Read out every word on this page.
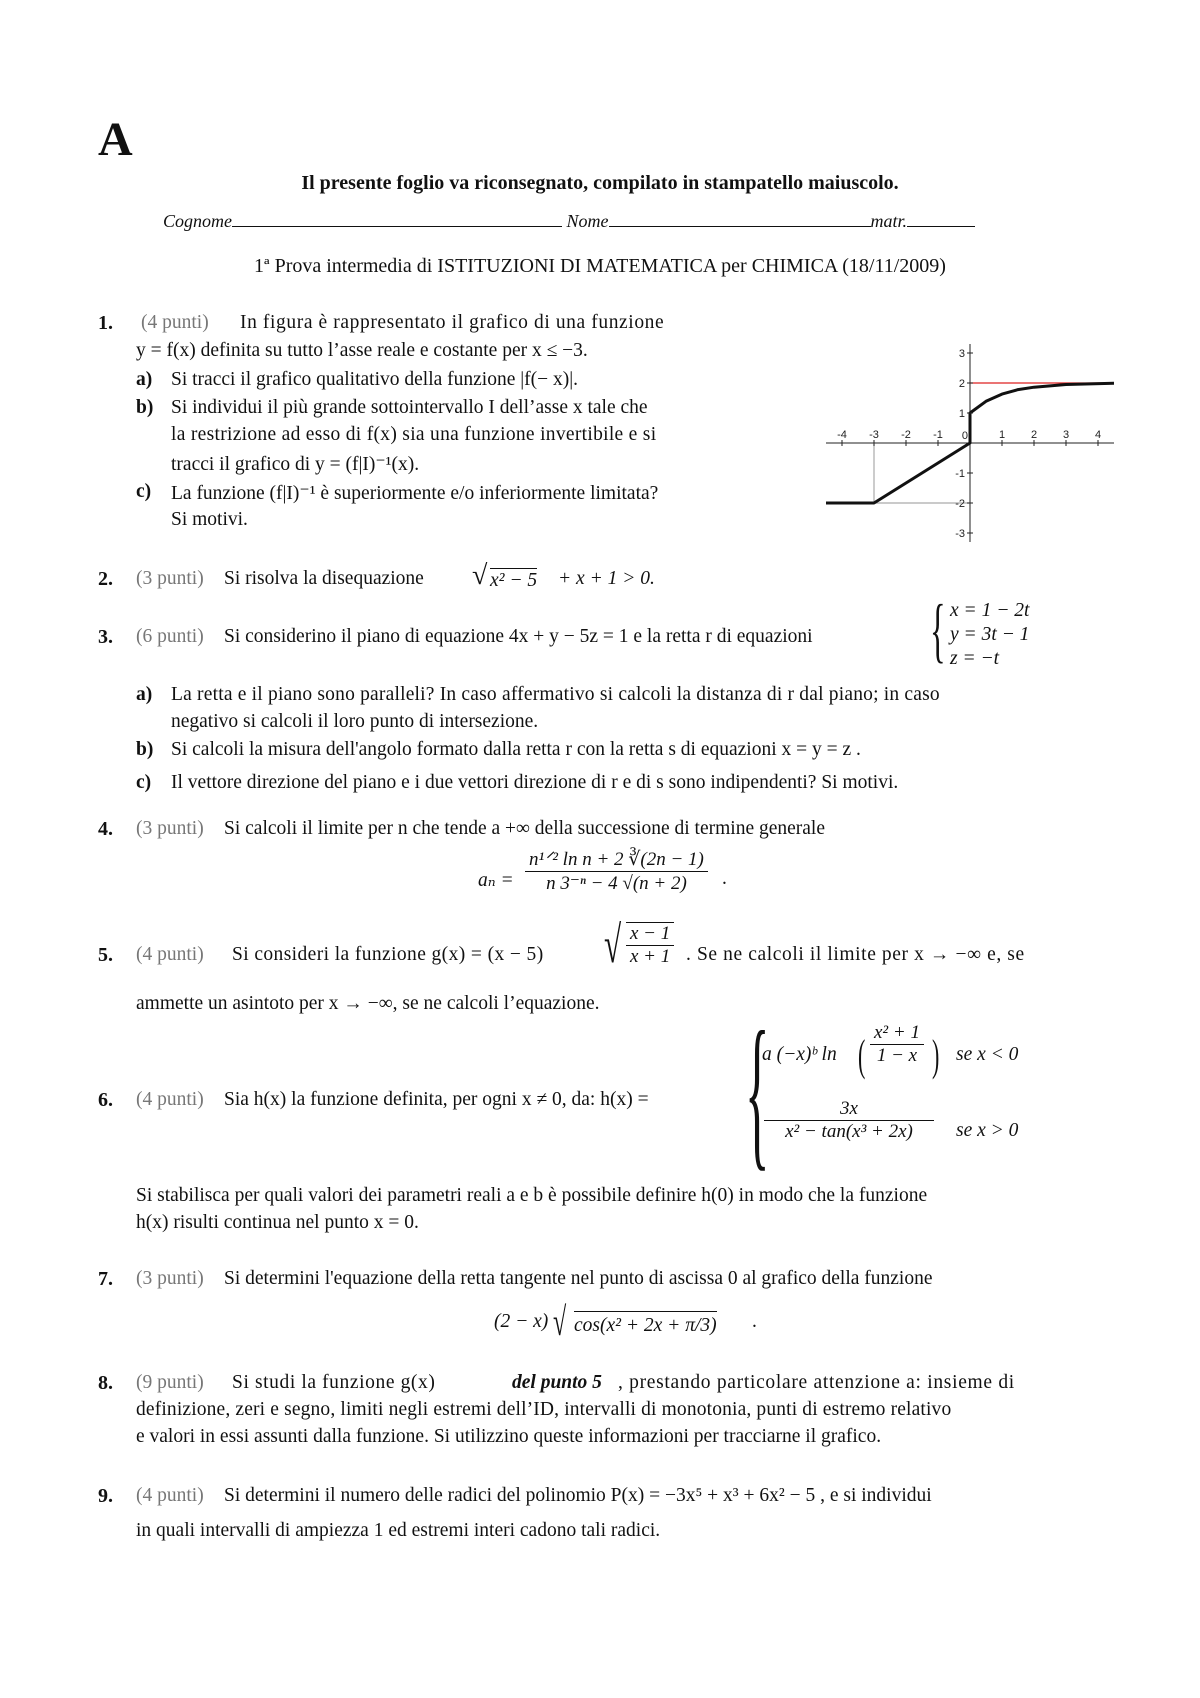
A
Il presente foglio va riconsegnato, compilato in stampatello maiuscolo.
Cognome	Nome	matr.
1ª Prova intermedia di ISTITUZIONI DI MATEMATICA per CHIMICA (18/11/2009)
1. (4 punti) In figura è rappresentato il grafico di una funzione
y = f(x) definita su tutto l’asse reale e costante per x ≤ −3.
a) Si tracci il grafico qualitativo della funzione |f(− x)|.
b) Si individui il più grande sottointervallo I dell’asse x tale che
la restrizione ad esso di f(x) sia una funzione invertibile e si
tracci il grafico di y = (f|I)⁻¹(x).
c) La funzione (f|I)⁻¹ è superiormente e/o inferiormente limitata?
Si motivi.
-4 -3 -2 -1	1 2 3 4
3
2
1
-1
-2
-3
0
2. (3 punti) Si risolva la disequazione √ x² − 5 + x + 1 > 0.
3. (6 punti) Si considerino il piano di equazione 4x + y − 5z = 1 e la retta r di equazioni { x = 1 − 2t
y = 3t − 1
z = −t
a) La retta e il piano sono paralleli? In caso affermativo si calcoli la distanza di r dal piano; in caso
negativo si calcoli il loro punto di intersezione.
b) Si calcoli la misura dell'angolo formato dalla retta r con la retta s di equazioni x = y = z .
c) Il vettore direzione del piano e i due vettori direzione di r e di s sono indipendenti? Si motivi.
4. (3 punti) Si calcoli il limite per n che tende a +∞ della successione di termine generale
aₙ =
n¹ᐟ² ln n + 2 ∛(2n − 1)
n 3⁻ⁿ − 4 √(n + 2)	.
5. (4 punti) Si consideri la funzione g(x) = (x − 5) √ $\frac{x - 1}{x + 1}$ . Se ne calcoli il limite per x → −∞ e, se
ammette un asintoto per x → −∞, se ne calcoli l’equazione.
6. (4 punti) Sia h(x) la funzione definita, per ogni x ≠ 0, da: h(x) = {
a (−x)ᵇ ln ( $\frac{\text{x² + 1}}{1 - x}$ ) se x < 0
$\frac{3x}{\text{x² − tan(x³ + 2x)}}$ se x > 0
Si stabilisca per quali valori dei parametri reali a e b è possibile definire h(0) in modo che la funzione
h(x) risulti continua nel punto x = 0.
7. (3 punti) Si determini l'equazione della retta tangente nel punto di ascissa 0 al grafico della funzione
(2 − x) √ cos(x² + 2x + π/3) .
8. (9 punti) Si studi la funzione g(x)	del punto 5 , prestando particolare attenzione a: insieme di
definizione, zeri e segno, limiti negli estremi dell’ID, intervalli di monotonia, punti di estremo relativo
e valori in essi assunti dalla funzione. Si utilizzino queste informazioni per tracciarne il grafico.
9. (4 punti) Si determini il numero delle radici del polinomio P(x) = −3x⁵ + x³ + 6x² − 5 , e si individui
in quali intervalli di ampiezza 1 ed estremi interi cadono tali radici.
